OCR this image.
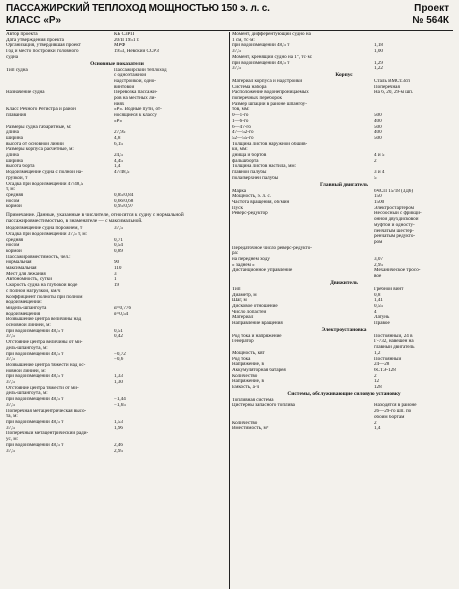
ПАССАЖИРСКИЙ ТЕПЛОХОД МОЩНОСТЬЮ 150 э. л. с.
КЛАСС «Р»
Проект
№ 564К
Автор проекта	КБ СЗРП
Дата утверждения проекта	20/II 1951 г.
Организация, утвердившая проект	МРФ
Год и место постройки головного	1953, Невский ССРЗ
судна
Основные показатели
Тип судна	Пассажирский теплоход
с одноэтажной
надстройкой, одно-
винтовой
Назначение судна	Перевозка пассажи-
ров на местных ли-
ниях
Класс Речного Регистра и район	«Р». Водные пути, от-
плавания	носящиеся к классу
«Р»
Размеры судна габаритные, м:
длина	27,95
ширина	4,8
высота от основной линии	6,15
Размеры корпуса расчетные, м:
длина	24,5
ширина	4,45
высота борта	1,4
Водоизмещение судна с полной на-	47/48,5
грузкой, т
Осадка при водоизмещении 47/48,5
т, м:
средняя	0,85/0,84
носом	0,66/0,68
кормой	0,95/0,97
Примечание. Данные, указанные в числителе, относятся к судну с нормальной пассажировместимостью, в знаменателе — с максимальной.
Водоизмещение судна порожнем, т	37,5
Осадка при водоизмещении 37,5 т, м:
средняя	0,71
носом	0,54
кормой	0,89
Пассажировместимость, чел.:
нормальная	90
максимальная	110
Мест для лежания	3
Автономность, сутки	1
Скорость судна на глубокой воде	19
с полной нагрузкой, км/ч
Коэффициент полноты при полном
водоизмещении:
мидель-шпангоута	α=0,776
водоизмещения	δ=0,54
Возвышение центра величины над
основной линией, м:
при водоизмещении 48,5 т	0,51
37,5	0,42
Отстояние центра величины от ми-
дель-шпангоута, м:
при водоизмещении 48,5 т	−0,72
37,5	−0,6
Возвышение центра тяжести над ос-
новной линией, м:
при водоизмещении 48,5 т	1,33
37,5	1,30
Отстояние центра тяжести от ми-
дель-шпангоута, м:
при водоизмещении 48,5 т	−1,44
37,5	−1,65
Поперечная метацентрическая высо-
та, м:
при водоизмещении 48,5 т	1,53
37,5	1,96
Поперечный метацентрический ради-
ус, м:
при водоизмещении 48,5 т	2,46
37,5	2,95
Момент, дифферентующий судно на
1 см, тс·м:
при водоизмещении 48,5 т	1,18
37,5	1,00
Момент, кренящий судно на 1°, тс·м:
при водоизмещении 48,5 т	1,29
37,5	1,22
Корпус
Материал корпуса и надстройки	Сталь ВМСт.3сп
Система набора	Поперечная
Расположение водонепроницаемых	На 6, 20, 29-м шп.
поперечных переборок
Размер шпации в районе шпангоу-
тов, мм:
0—1-го	500
1—6-го	400
6—47-го	500
47—52-го	400
52—55-го	500
Толщина листов наружной обшив-
ки, мм:
днища и бортов	4 и 5
фальшборта	2
Толщина листов настила, мм:
главной палубы	3 и 4
пола/верхней палубы	5
Главный двигатель
Марка	6ЧСП 15/18 (3Д6)
Мощность, э. л. с.	150
Частота вращения, об/мин	1500
Пуск	Электростартером
Реверс-редуктор	Несоосный с фрикци-
онной двухдисковой
муфтой и односту-
пенчатым шестер-
ренчатым редукто-
ром
Передаточное число реверс-редукто-
ра:
на переднем ходу	3,07
» заднем »	2,95
Дистанционное управление	Механическое тросо-
вое
Движитель
Тип	Гребной винт
Диаметр, м	0,8
Шаг, м	1,41
Дисковое отношение	0,55
Число лопастей	4
Материал	Латунь
Направление вращения	Правое
Электроустановка
Род тока и напряжение	Постоянный, 24 в
Генератор	Г-732, навешен на
главный двигатель
Мощность, квт	1,2
Род тока	Постоянный
Напряжение, в	24—28
Аккумуляторная батарея	6СТЭ-128
Количество	2
Напряжение, в	12
Емкость, а·ч	128
Системы, обслуживающие силовую установку
Топливная система
Цистерны запасного топлива	Находятся в районе
26—29-го шп. по
обоим бортам
Количество	2
Вместимость, м³	1,4
